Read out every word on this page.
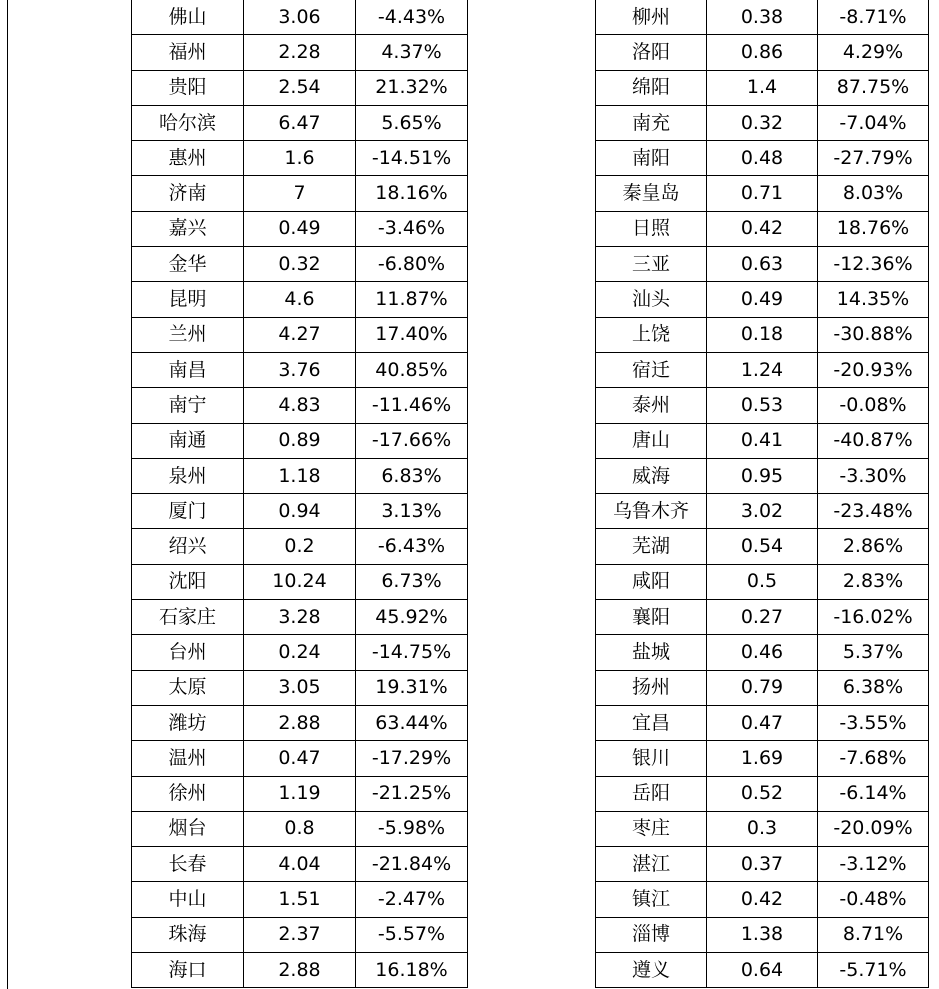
佛山	3.06	-4.43%
福州	2.28	4.37%
贵阳	2.54	21.32%
哈尔滨	6.47	5.65%
惠州	1.6	-14.51%
济南	7	18.16%
嘉兴	0.49	-3.46%
金华	0.32	-6.80%
昆明	4.6	11.87%
兰州	4.27	17.40%
南昌	3.76	40.85%
南宁	4.83	-11.46%
南通	0.89	-17.66%
泉州	1.18	6.83%
厦门	0.94	3.13%
绍兴	0.2	-6.43%
沈阳	10.24	6.73%
石家庄	3.28	45.92%
台州	0.24	-14.75%
太原	3.05	19.31%
潍坊	2.88	63.44%
温州	0.47	-17.29%
徐州	1.19	-21.25%
烟台	0.8	-5.98%
长春	4.04	-21.84%
中山	1.51	-2.47%
珠海	2.37	-5.57%
海口	2.88	16.18%
柳州	0.38	-8.71%
洛阳	0.86	4.29%
绵阳	1.4	87.75%
南充	0.32	-7.04%
南阳	0.48	-27.79%
秦皇岛	0.71	8.03%
日照	0.42	18.76%
三亚	0.63	-12.36%
汕头	0.49	14.35%
上饶	0.18	-30.88%
宿迁	1.24	-20.93%
泰州	0.53	-0.08%
唐山	0.41	-40.87%
威海	0.95	-3.30%
乌鲁木齐	3.02	-23.48%
芜湖	0.54	2.86%
咸阳	0.5	2.83%
襄阳	0.27	-16.02%
盐城	0.46	5.37%
扬州	0.79	6.38%
宜昌	0.47	-3.55%
银川	1.69	-7.68%
岳阳	0.52	-6.14%
枣庄	0.3	-20.09%
湛江	0.37	-3.12%
镇江	0.42	-0.48%
淄博	1.38	8.71%
遵义	0.64	-5.71%
